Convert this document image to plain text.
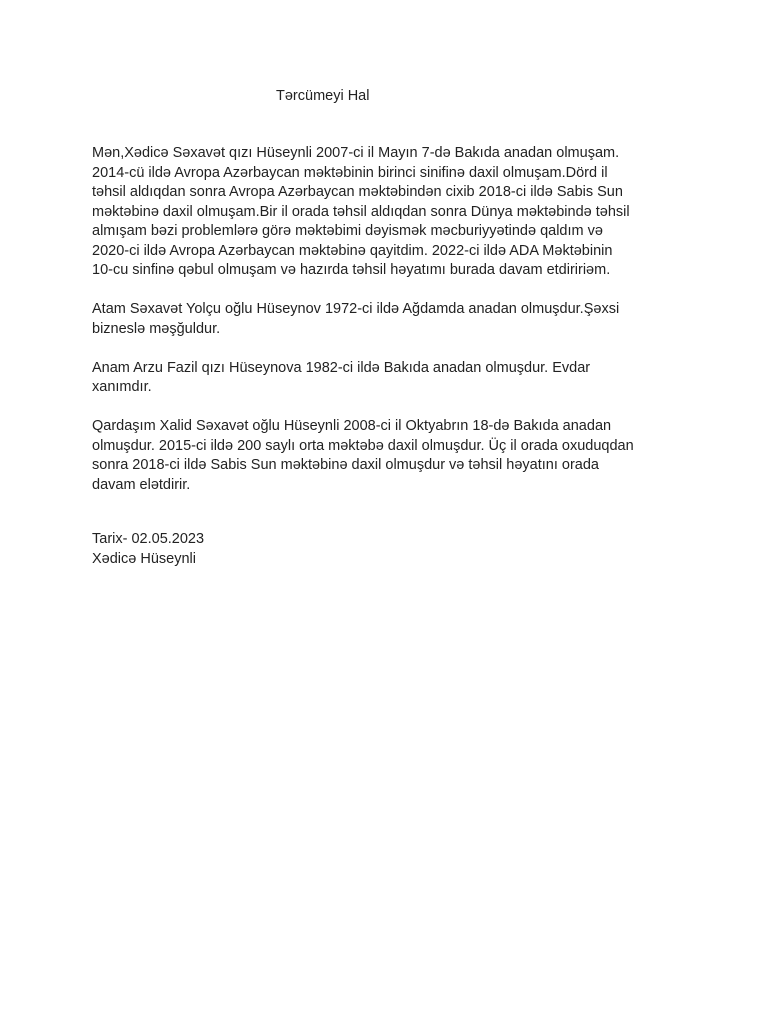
Tərcümeyi Hal

Mən,Xədicə Səxavət qızı Hüseynli 2007-ci il Mayın 7-də Bakıda anadan olmuşam.
2014-cü ildə Avropa Azərbaycan məktəbinin birinci sinifinə daxil olmuşam.Dörd il
təhsil aldıqdan sonra Avropa Azərbaycan məktəbindən cixib 2018-ci ildə Sabis Sun
məktəbinə daxil olmuşam.Bir il orada təhsil aldıqdan sonra Dünya məktəbində təhsil
almışam bəzi problemlərə görə məktəbimi dəyismək məcburiyyətində qaldım və
2020-ci ildə Avropa Azərbaycan məktəbinə qayitdim. 2022-ci ildə ADA Məktəbinin
10-cu sinfinə qəbul olmuşam və hazırda təhsil həyatımı burada davam etdiririəm.

Atam Səxavət Yolçu oğlu Hüseynov 1972-ci ildə Ağdamda anadan olmuşdur.Şəxsi
bizneslə məşğuldur.

Anam Arzu Fazil qızı Hüseynova 1982-ci ildə Bakıda anadan olmuşdur. Evdar
xanımdır.

Qardaşım Xalid Səxavət oğlu Hüseynli 2008-ci il Oktyabrın 18-də Bakıda anadan
olmuşdur. 2015-ci ildə 200 saylı orta məktəbə daxil olmuşdur. Üç il orada oxuduqdan
sonra 2018-ci ildə Sabis Sun məktəbinə daxil olmuşdur və təhsil həyatını orada
davam elətdirir.

Tarix- 02.05.2023
Xədicə Hüseynli
